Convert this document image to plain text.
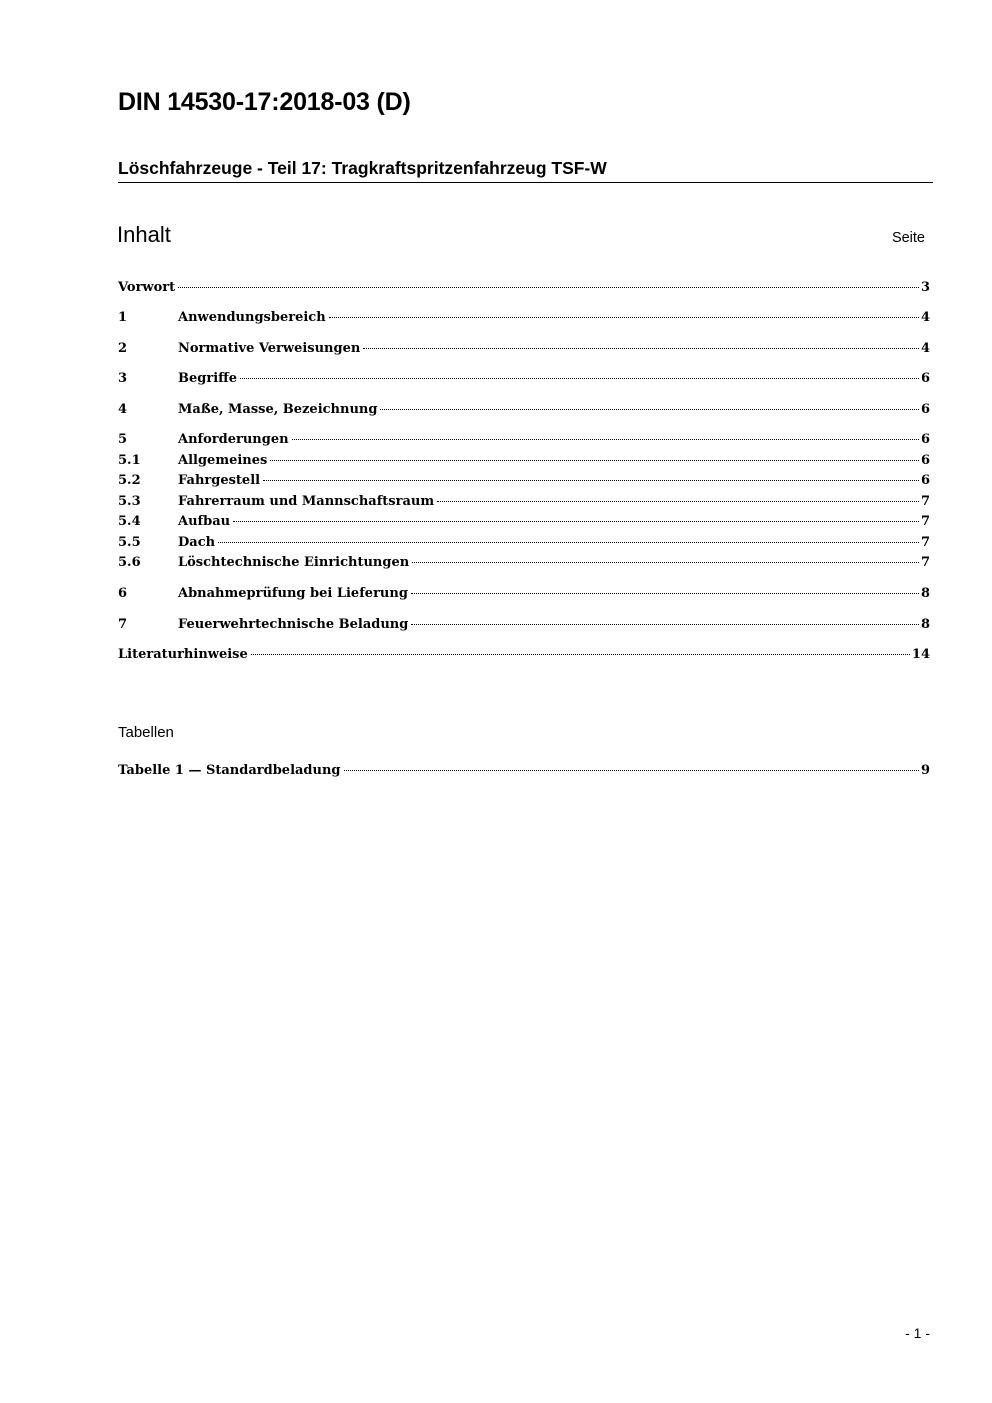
DIN 14530-17:2018-03 (D)
Löschfahrzeuge - Teil 17: Tragkraftspritzenfahrzeug TSF-W
Inhalt	Seite
Vorwort	3
1	Anwendungsbereich	4
2	Normative Verweisungen	4
3	Begriffe	6
4	Maße, Masse, Bezeichnung	6
5	Anforderungen	6
5.1	Allgemeines	6
5.2	Fahrgestell	6
5.3	Fahrerraum und Mannschaftsraum	7
5.4	Aufbau	7
5.5	Dach	7
5.6	Löschtechnische Einrichtungen	7
6	Abnahmeprüfung bei Lieferung	8
7	Feuerwehrtechnische Beladung	8
Literaturhinweise	14
Tabellen
Tabelle 1 — Standardbeladung	9
- 1 -
